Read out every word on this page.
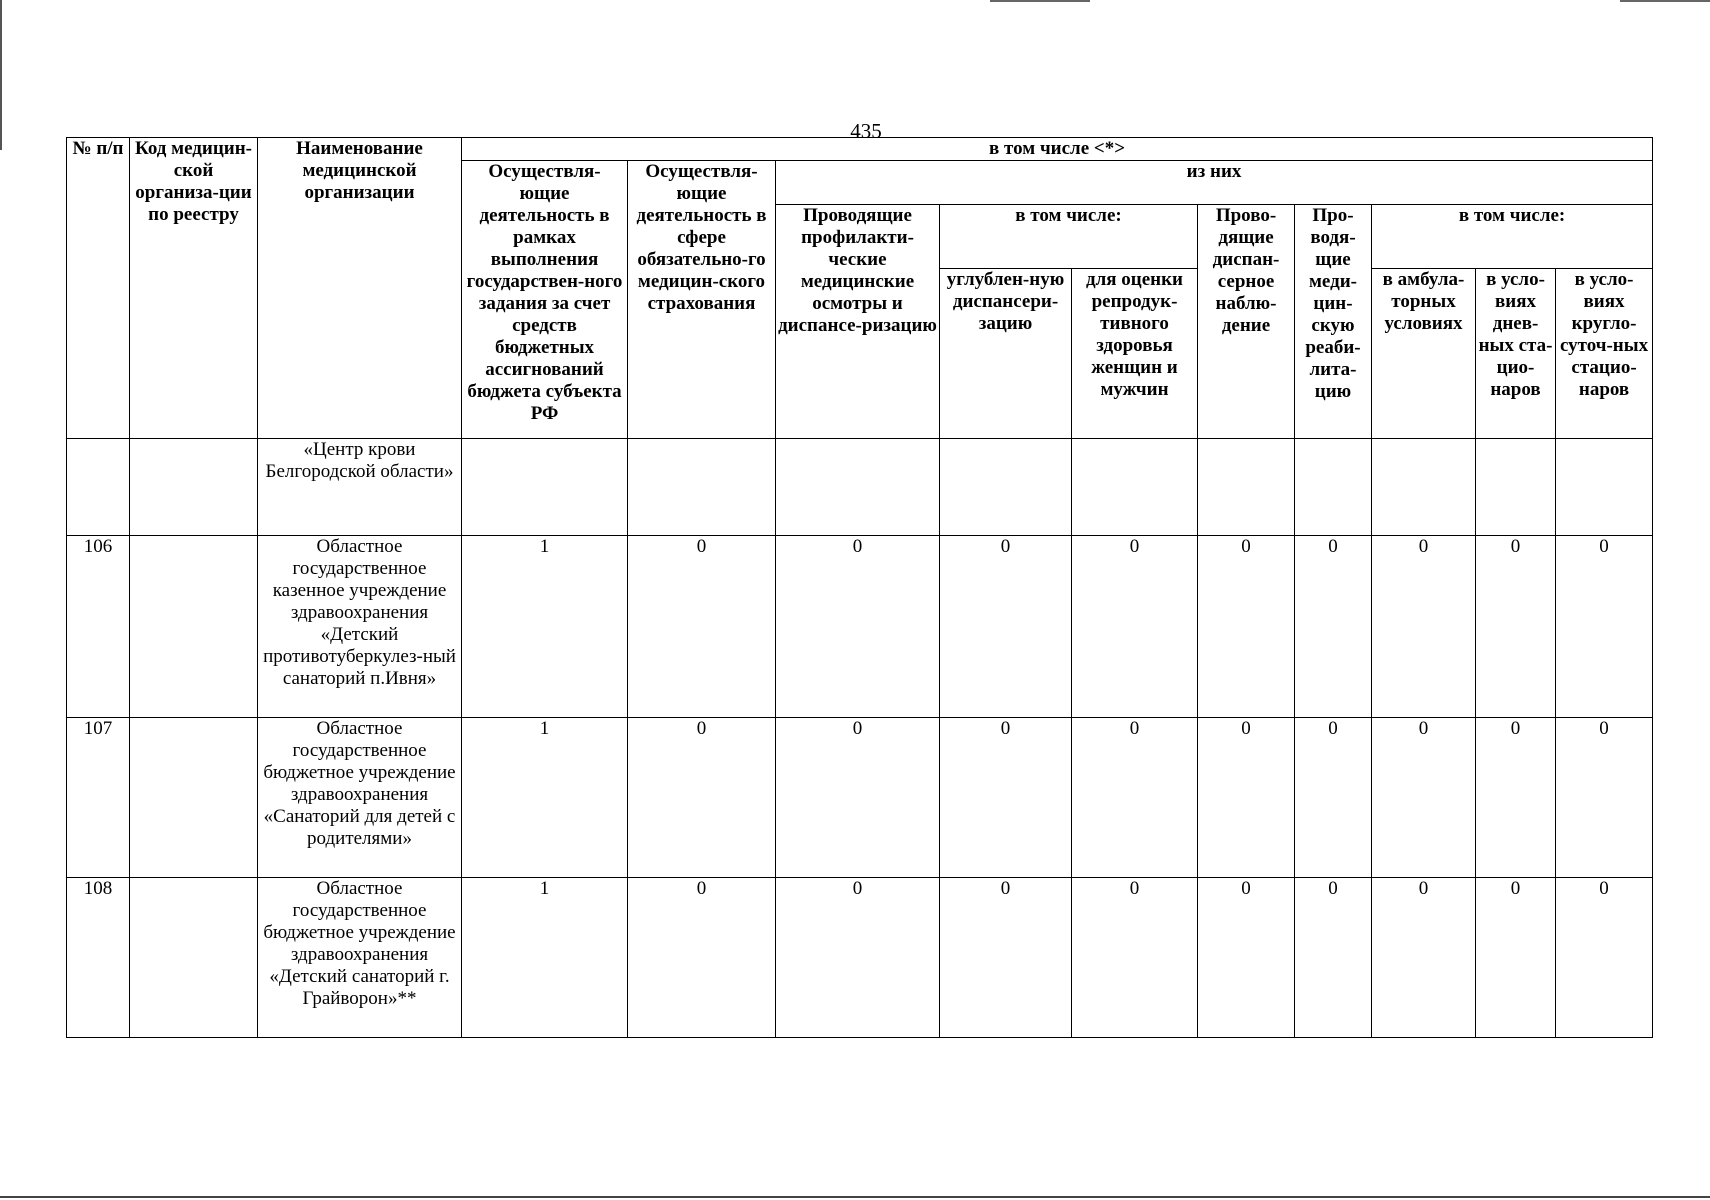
435
№ п/п	Код медицин-ской организа-ции по реестру	Наименование медицинской организации	в том числе <*>									
			Осуществля-ющие деятельность в рамках выполнения государствен-ного задания за счет средств бюджетных ассигнований бюджета субъекта РФ	Осуществля-ющие деятельность в сфере обязательно-го медицин-ского страхования	из них							
					Проводящие профилакти-ческие медицинские осмотры и диспансе-ризацию	в том числе:		Прово-дящие диспан-серное наблю-дение	Про-водя-щие меди-цин-скую реаби-лита-цию	в том числе:		
						углублен-ную диспансери-зацию	для оценки репродук-тивного здоровья женщин и мужчин			в амбула-торных условиях	в усло-виях днев-ных ста-цио-наров	в усло-виях кругло-суточ-ных стацио-наров

		«Центр крови Белгородской области»										
106		Областное государственное казенное учреждение здравоохранения «Детский противотуберкулез-ный санаторий п.Ивня»	1	0	0	0	0	0	0	0	0	0
107		Областное государственное бюджетное учреждение здравоохранения «Санаторий для детей с родителями»	1	0	0	0	0	0	0	0	0	0
108		Областное государственное бюджетное учреждение здравоохранения «Детский санаторий г. Грайворон»**	1	0	0	0	0	0	0	0	0	0
